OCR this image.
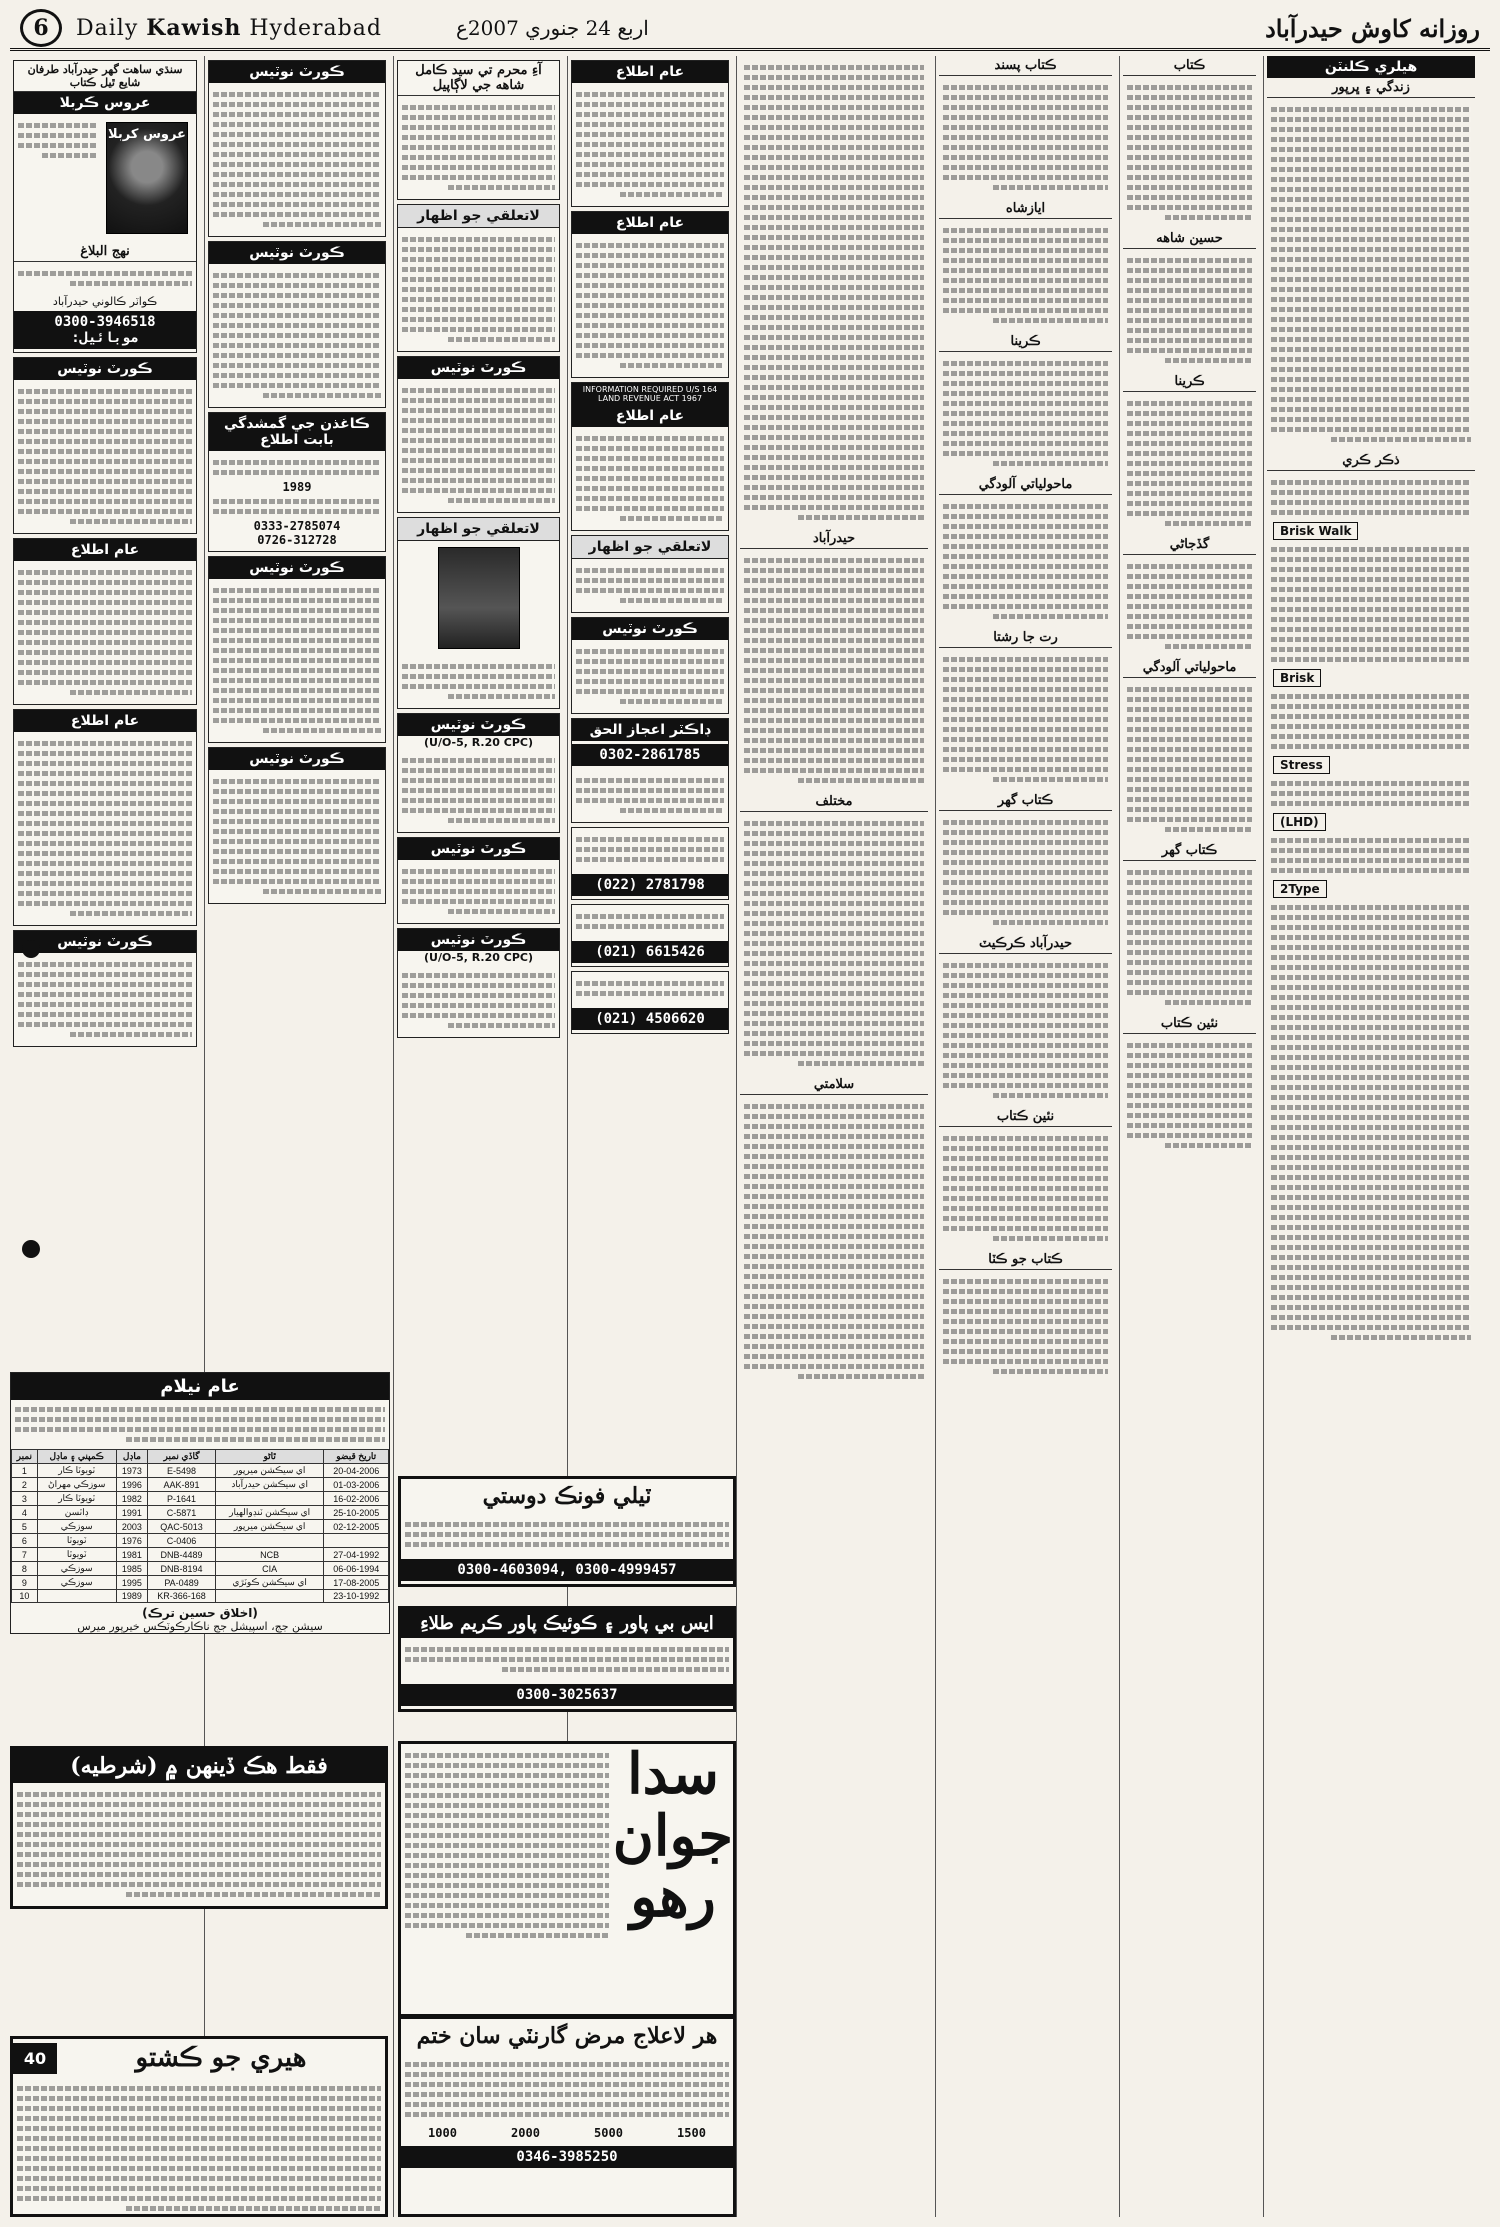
6	Daily Kawish Hyderabad	اربع 24 جنوري 2007ع	روزانه كاوش حيدرآباد
سنڌي ساهت گهر حيدرآباد طرفان شايع ٿيل ڪتاب
عروس ڪربلا
عروس كربلا
نهج البلاغ
ڪواٽر ڪالوني حيدرآباد
0300-3946518 :موبائيل
ڪورٽ نوٽيس
عام اطلاع
عام اطلاع
ڪورٽ نوٽيس
ڪورٽ نوٽيس
ڪورٽ نوٽيس
ڪاغذن جي گمشدگي بابت اطلاع
1989
0333-2785074
0726-312728
ڪورٽ نوٽيس
ڪورٽ نوٽيس
آءِ محرم تي سيد ڪامل شاهه جي لاڳاپيل
لاتعلقي جو اظهار
ڪورٽ نوٽيس
لاتعلقي جو اظهار
ڪورٽ نوٽيس
(U/O-5, R.20 CPC)
ڪورٽ نوٽيس
ڪورٽ نوٽيس
(U/O-5, R.20 CPC)
عام اطلاع
عام اطلاع
INFORMATION REQUIRED U/S 164 LAND REVENUE ACT 1967
عام اطلاع
لاتعلقي جو اظهار
ڪورٽ نوٽيس
ڊاڪٽر اعجاز الحق
0302-2861785
(022) 2781798
(021) 6615426
(021) 4506620
حيدرآباد
مختلف
سلامتي
ڪتاب پسند
ايازشاه
ڪرينا
ماحولياتي آلودگي
رت جا رشتا
ڪتاب گهر
حيدرآباد ڪرڪيٽ
نئين ڪتاب
ڪتاب جو ڪٽا
ڪتاب
حسين شاهه
ڪرينا
گڏجاڻي
ماحولياتي آلودگي
ڪتاب گهر
نئين ڪتاب
هيلري ڪلنٽن
زندگي ۽ ڀرپور
ذڪر ڪري
Brisk Walk
Brisk
Stress
(LHD)
2Type
عام نيلام
نمبر	ڪمپني ۽ ماڊل	ماڊل	گاڏي نمبر	ٿاڻو	تاريخ قبضو
1	ٽويوٽا ڪار	1973	E-5498	اي سيڪشن ميرپور	20-04-2006
2	سوزڪي مهراڻ	1996	AAK-891	اي سيڪشن حيدرآباد	01-03-2006
3	ٽويوٽا ڪار	1982	P-1641		16-02-2006
4	ڊاٽسن	1991	C-5871	اي سيڪشن ٽنڊوالهيار	25-10-2005
5	سوزڪي	2003	QAC-5013	اي سيڪشن ميرپور	02-12-2005
6	ٽويوٽا	1976	C-0406		
7	ٽويوٽا	1981	DNB-4489	NCB	27-04-1992
8	سوزڪي	1985	DNB-8194	CIA	06-06-1994
9	سوزڪي	1995	PA-0489	اي سيڪشن ڪوٽڙي	17-08-2005
10		1989	KR-366-168		23-10-1992
(اخلاق حسين ترڪ)
سيشن جج، اسپيشل جج ناڪارڪوٽڪس خيرپور ميرس
فقط هڪ ڏينهن ۾ (شرطيه)
40	هيري جو ڪشتو
ٽيلي فونڪ دوستي
0300-4603094, 0300-4999457
ايس بي پاور ۽ ڪوئيڪ پاور ڪريم طلاءِ
0300-3025637
سدا جوان رهو
هر لاعلاج مرض گارنٽي سان ختم
1000	2000	5000	1500
0346-3985250
